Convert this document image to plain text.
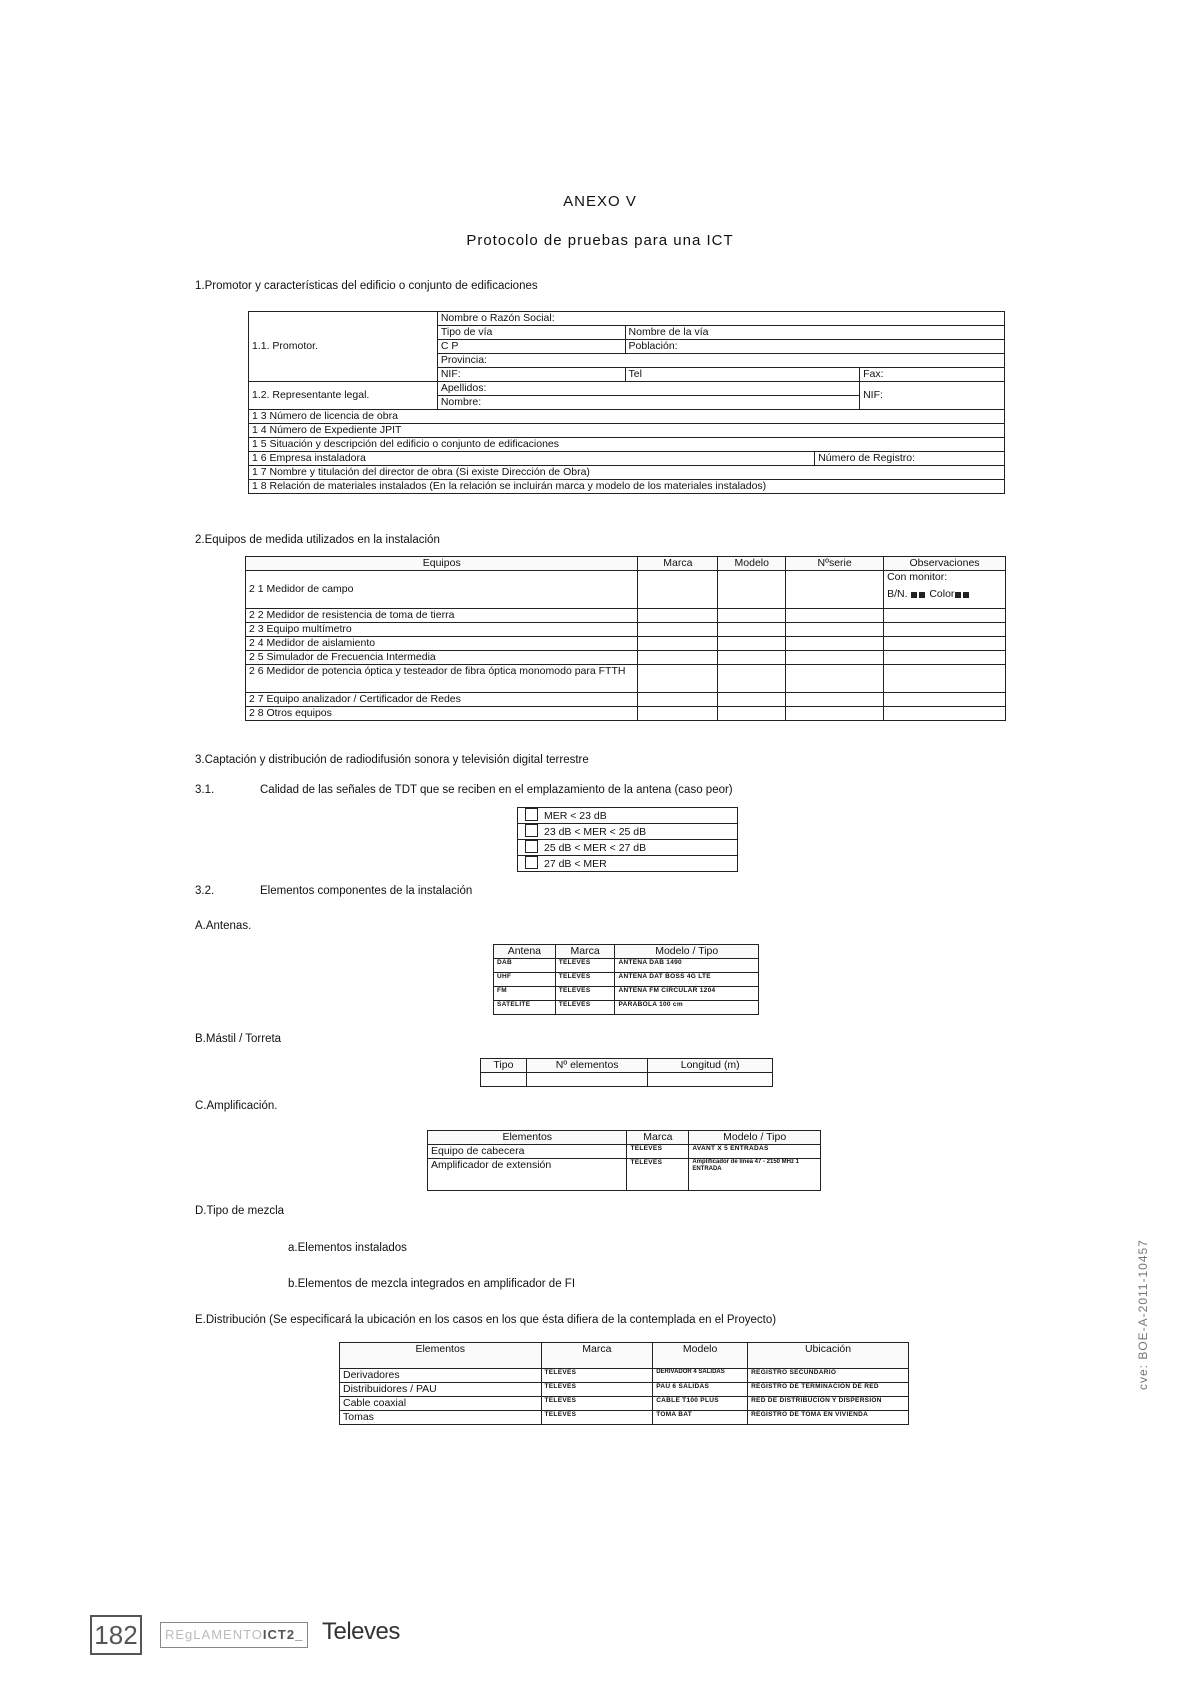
ANEXO V
Protocolo de pruebas para una ICT
1.Promotor y características del edificio o conjunto de edificaciones
1.1. Promotor.	Nombre o Razón Social:			
	Tipo de vía	Nombre de la vía		
	C P	Población:		
	Provincia:			
	NIF:	Tel		Fax:
1.2. Representante legal.	Apellidos:			NIF:
	Nombre:			
1 3 Número de licencia de obra				
1 4 Número de Expediente JPIT				
1 5 Situación y descripción del edificio o conjunto de edificaciones				
1 6 Empresa instaladora			Número de Registro:	
1 7 Nombre y titulación del director de obra (Si existe Dirección de Obra)				
1 8 Relación de materiales instalados (En la relación se incluirán marca y modelo de los materiales instalados)				
2.Equipos de medida utilizados en la instalación
Equipos	Marca	Modelo	Nºserie	Observaciones
2 1 Medidor de campo				Con monitor:
B/N. Color

2 2 Medidor de resistencia de toma de tierra				
2 3 Equipo multímetro				
2 4 Medidor de aislamiento				
2 5 Simulador de Frecuencia Intermedia				
2 6 Medidor de potencia óptica y testeador de fibra óptica monomodo para FTTH				
2 7 Equipo analizador / Certificador de Redes				
2 8 Otros equipos				
3.Captación y distribución de radiodifusión sonora y televisión digital terrestre
3.1.	Calidad de las señales de TDT que se reciben en el emplazamiento de la antena (caso peor)
MER < 23 dB
23 dB < MER < 25 dB
25 dB < MER < 27 dB
27 dB < MER
3.2.	Elementos componentes de la instalación
A.Antenas.
Antena	Marca	Modelo / Tipo
DAB	TELEVES	ANTENA DAB 1490
UHF	TELEVES	ANTENA DAT BOSS 4G LTE
FM	TELEVES	ANTENA FM CIRCULAR 1204
SATELITE	TELEVES	PARABOLA 100 cm
B.Mástil / Torreta
Tipo	Nº elementos	Longitud (m)

C.Amplificación.
Elementos	Marca	Modelo / Tipo
Equipo de cabecera	TELEVES	AVANT X 5 ENTRADAS
Amplificador de extensión	TELEVES	Amplificador de línea 47 - 2150 MHz 1 ENTRADA
D.Tipo de mezcla
a.Elementos instalados
b.Elementos de mezcla integrados en amplificador de FI
E.Distribución (Se especificará la ubicación en los casos en los que ésta difiera de la contemplada en el Proyecto)
Elementos	Marca	Modelo	Ubicación
Derivadores	TELEVES	DERIVADOR 4 SALIDAS	REGISTRO SECUNDARIO
Distribuidores / PAU	TELEVES	PAU 6 SALIDAS	REGISTRO DE TERMINACION DE RED
Cable coaxial	TELEVES	CABLE T100 PLUS	RED DE DISTRIBUCION Y DISPERSION
Tomas	TELEVES	TOMA BAT	REGISTRO DE TOMA EN VIVIENDA
cve: BOE-A-2011-10457
182	REgLAMENTOICT2_ Televes
